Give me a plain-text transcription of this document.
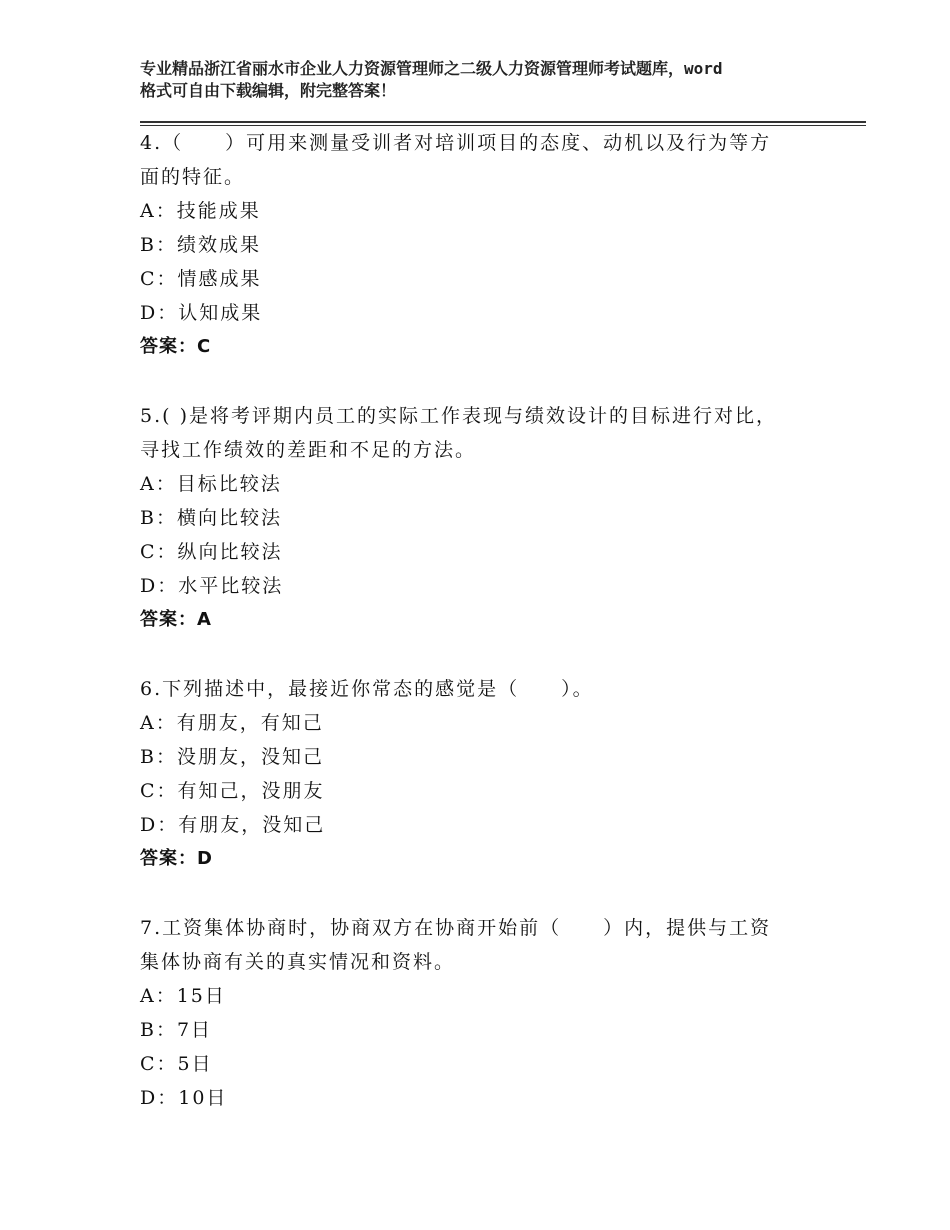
专业精品浙江省丽水市企业人力资源管理师之二级人力资源管理师考试题库，word
格式可自由下载编辑，附完整答案！
4.（　　）可用来测量受训者对培训项目的态度、动机以及行为等方
面的特征。
A：技能成果
B：绩效成果
C：情感成果
D：认知成果
答案：C
5.( )是将考评期内员工的实际工作表现与绩效设计的目标进行对比，
寻找工作绩效的差距和不足的方法。
A：目标比较法
B：横向比较法
C：纵向比较法
D：水平比较法
答案：A
6.下列描述中，最接近你常态的感觉是（　　）。
A：有朋友，有知己
B：没朋友，没知己
C：有知己，没朋友
D：有朋友，没知己
答案：D
7.工资集体协商时，协商双方在协商开始前（　　）内，提供与工资
集体协商有关的真实情况和资料。
A：15日
B：7日
C：5日
D：10日
